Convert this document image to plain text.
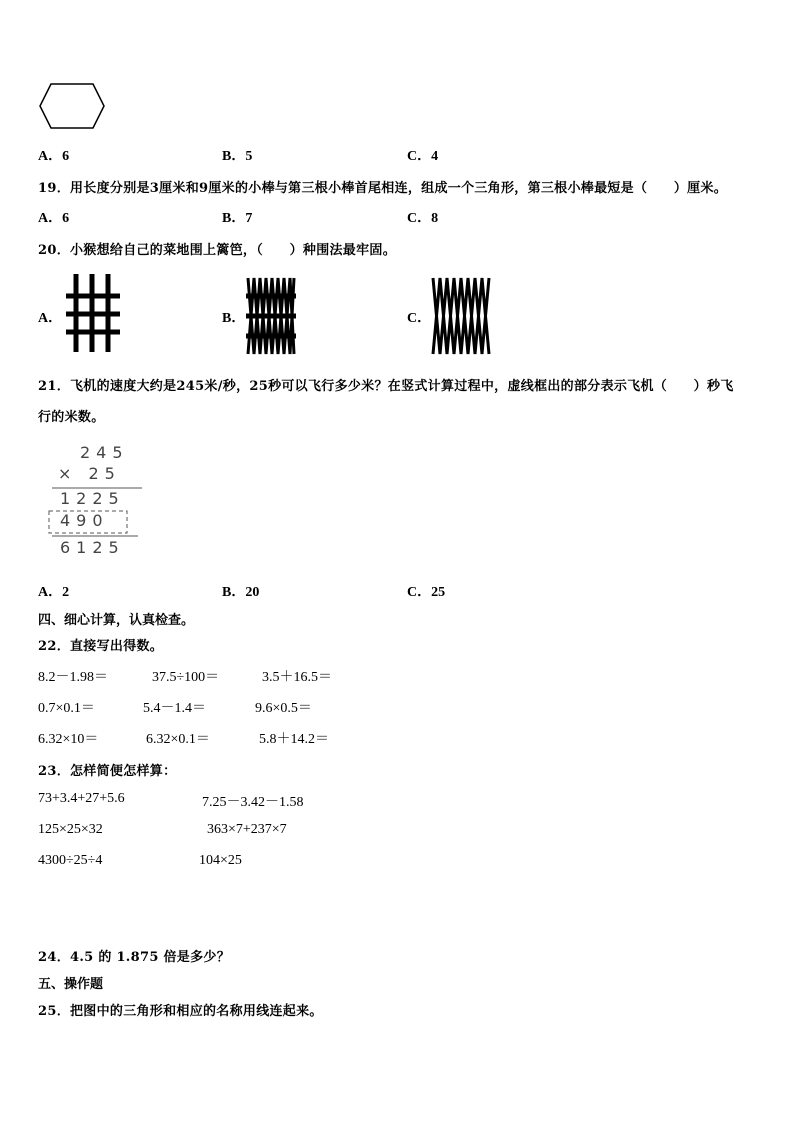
A．6	B．5	C．4
19．用长度分别是3厘米和9厘米的小棒与第三根小棒首尾相连，组成一个三角形，第三根小棒最短是（　　）厘米。
A．6	B．7	C．8
20．小猴想给自己的菜地围上篱笆，（　　）种围法最牢固。
A．	B．	C．
21．飞机的速度大约是245米/秒，25秒可以飞行多少米？在竖式计算过程中，虚线框出的部分表示飞机（　　）秒飞
行的米数。
245
× 25
1225
490
6125
A．2	B．20	C．25
四、细心计算，认真检查。
22．直接写出得数。
8.2－1.98＝	37.5÷100＝	3.5＋16.5＝
0.7×0.1＝	5.4－1.4＝	9.6×0.5＝
6.32×10＝	6.32×0.1＝	5.8＋14.2＝
23．怎样简便怎样算：
73+3.4+27+5.6	7.25－3.42－1.58
125×25×32	363×7+237×7
4300÷25÷4	104×25
24．4.5 的 1.875 倍是多少？
五、操作题
25．把图中的三角形和相应的名称用线连起来。
